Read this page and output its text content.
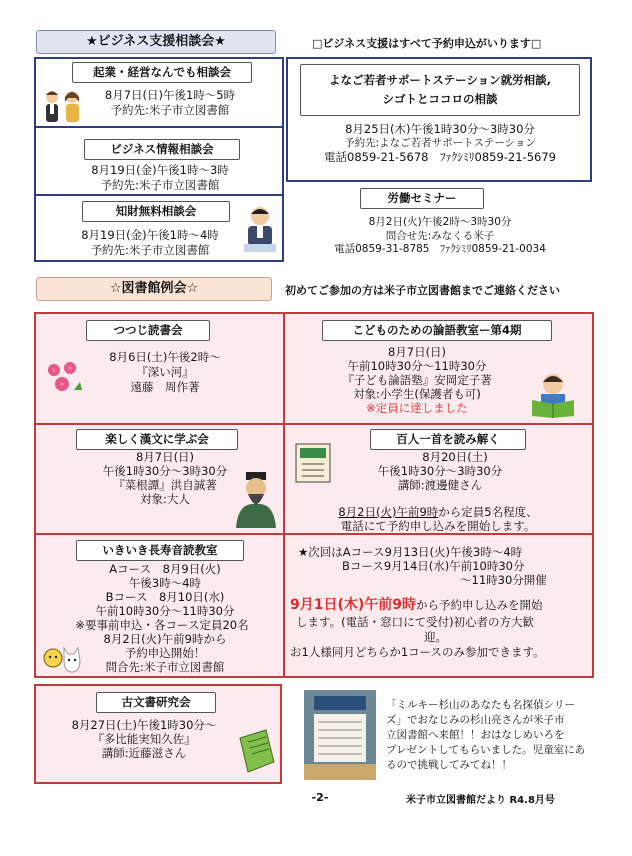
★ビジネス支援相談会★	□ビジネス支援はすべて予約申込がいります□
起業・経営なんでも相談会
8月7日(日)午後1時～5時
予約先:米子市立図書館
ビジネス情報相談会
8月19日(金)午後1時～3時
予約先:米子市立図書館
知財無料相談会
8月19日(金)午後1時～4時
予約先:米子市立図書館
よなご若者サポートステーション就労相談,
シゴトとココロの相談
8月25日(木)午後1時30分～3時30分
予約先:よなご若者サポートステーション
電話0859-21-5678　ﾌｧｸｼﾐﾘ0859-21-5679
労働セミナー
8月2日(火)午後2時～3時30分
問合せ先:みなくる米子
電話0859-31-8785　ﾌｧｸｼﾐﾘ0859-21-0034
☆図書館例会☆	初めてご参加の方は米子市立図書館までご連絡ください
つつじ読書会
8月6日(土)午後2時～
『深い河』
遠藤　周作著
こどものための論語教室ー第4期
8月7日(日)
午前10時30分～11時30分
『子ども論語塾』安岡定子著
対象:小学生(保護者も可)
※定員に達しました
楽しく漢文に学ぶ会
8月7日(日)
午後1時30分～3時30分
『菜根譚』洪自誠著
対象:大人
百人一首を読み解く
8月20日(土)
午後1時30分～3時30分
講師:渡邊健さん
8月2日(火)午前9時から定員5名程度、
電話にて予約申し込みを開始します。
いきいき長寿音読教室
Aコース　8月9日(火)
午後3時～4時
Bコース　8月10日(水)
午前10時30分～11時30分
※要事前申込・各コース定員20名
8月2日(火)午前9時から
予約申込開始！
問合先:米子市立図書館
★次回はAコース9月13日(火)午後3時～4時
Bコース9月14日(水)午前10時30分
～11時30分開催
9月1日(木)午前9時から予約申し込みを開始
します。(電話・窓口にて受付)初心者の方大歓
迎。
お1人様同月どちらか1コースのみ参加できます。
古文書研究会
8月27日(土)午後1時30分～
『多比能実知久佐』
講師:近藤滋さん
「ミルキー杉山のあなたも名探偵シリー
ズ」でおなじみの杉山亮さんが米子市
立図書館へ来館！！おはなしめいろを
プレゼントしてもらいました。児童室にあ
るので挑戦してみてね！！
-2-	米子市立図書館だより R4.8月号
